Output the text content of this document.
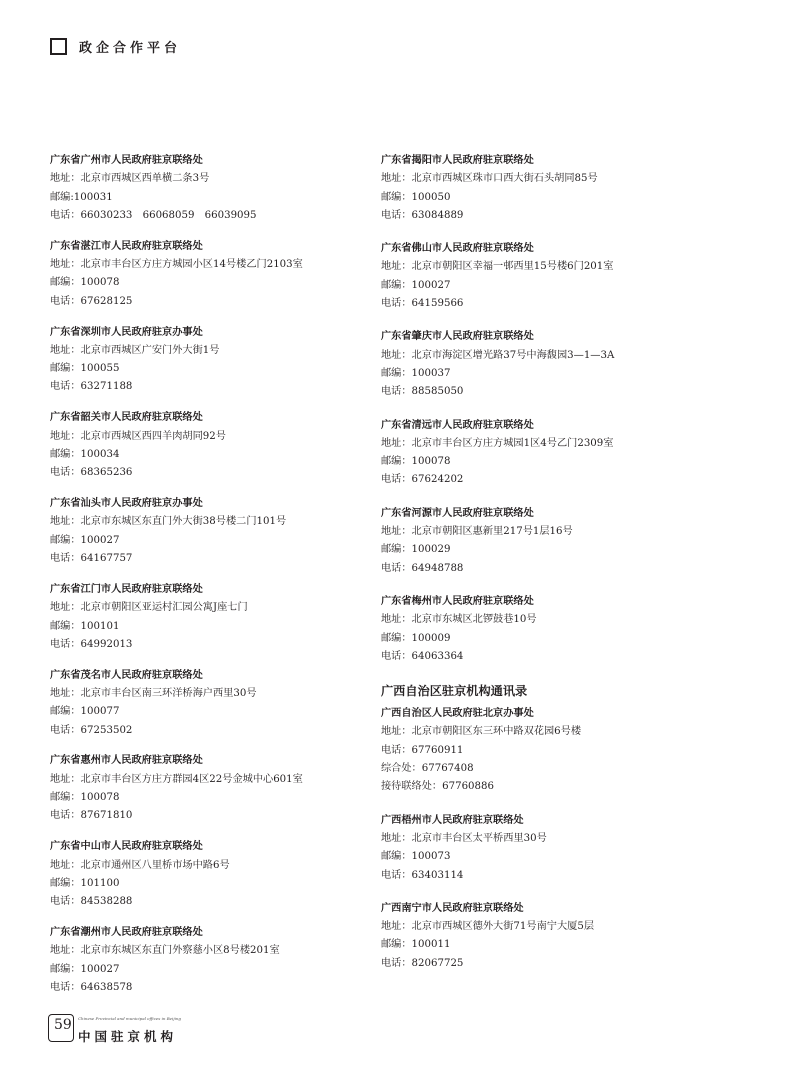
政企合作平台
广东省广州市人民政府驻京联络处
地址：北京市西城区西单横二条3号
邮编:100031
电话：66030233　66068059　66039095
广东省湛江市人民政府驻京联络处
地址：北京市丰台区方庄方城园小区14号楼乙门2103室
邮编：100078
电话：67628125
广东省深圳市人民政府驻京办事处
地址：北京市西城区广安门外大街1号
邮编：100055
电话：63271188
广东省韶关市人民政府驻京联络处
地址：北京市西城区西四羊肉胡同92号
邮编：100034
电话：68365236
广东省汕头市人民政府驻京办事处
地址：北京市东城区东直门外大街38号楼二门101号
邮编：100027
电话：64167757
广东省江门市人民政府驻京联络处
地址：北京市朝阳区亚运村汇园公寓J座七门
邮编：100101
电话：64992013
广东省茂名市人民政府驻京联络处
地址：北京市丰台区南三环洋桥海户西里30号
邮编：100077
电话：67253502
广东省惠州市人民政府驻京联络处
地址：北京市丰台区方庄方群园4区22号金城中心601室
邮编：100078
电话：87671810
广东省中山市人民政府驻京联络处
地址：北京市通州区八里桥市场中路6号
邮编：101100
电话：84538288
广东省潮州市人民政府驻京联络处
地址：北京市东城区东直门外察慈小区8号楼201室
邮编：100027
电话：64638578
广东省揭阳市人民政府驻京联络处
地址：北京市西城区珠市口西大街石头胡同85号
邮编：100050
电话：63084889
广东省佛山市人民政府驻京联络处
地址：北京市朝阳区幸福一邨西里15号楼6门201室
邮编：100027
电话：64159566
广东省肇庆市人民政府驻京联络处
地址：北京市海淀区增光路37号中海馥园3—1—3A
邮编：100037
电话：88585050
广东省清远市人民政府驻京联络处
地址：北京市丰台区方庄方城园1区4号乙门2309室
邮编：100078
电话：67624202
广东省河源市人民政府驻京联络处
地址：北京市朝阳区惠新里217号1层16号
邮编：100029
电话：64948788
广东省梅州市人民政府驻京联络处
地址：北京市东城区北锣鼓巷10号
邮编：100009
电话：64063364
广西自治区驻京机构通讯录
广西自治区人民政府驻北京办事处
地址：北京市朝阳区东三环中路双花园6号楼
电话：67760911
综合处：67767408
接待联络处：67760886
广西梧州市人民政府驻京联络处
地址：北京市丰台区太平桥西里30号
邮编：100073
电话：63403114
广西南宁市人民政府驻京联络处
地址：北京市西城区德外大街71号南宁大厦5层
邮编：100011
电话：82067725
59 Chinese Provincial and municipal offices in Beijing
中国驻京机构
